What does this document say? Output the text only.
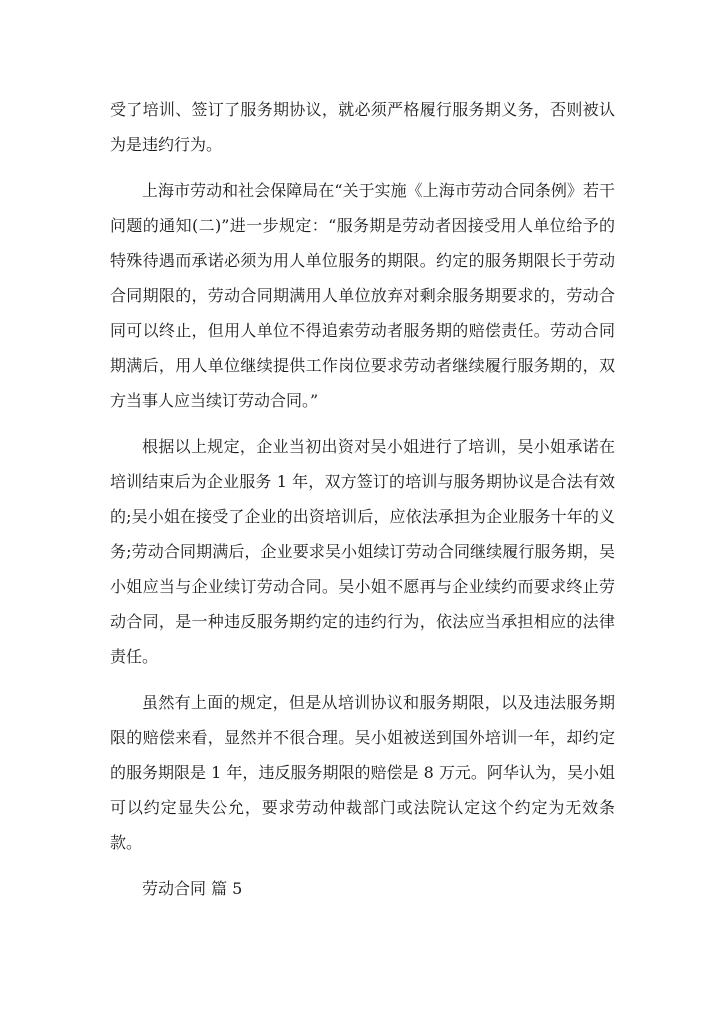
受了培训、签订了服务期协议，就必须严格履行服务期义务，否则被认为是违约行为。

上海市劳动和社会保障局在“关于实施《上海市劳动合同条例》若干问题的通知(二)”进一步规定：“服务期是劳动者因接受用人单位给予的特殊待遇而承诺必须为用人单位服务的期限。约定的服务期限长于劳动合同期限的，劳动合同期满用人单位放弃对剩余服务期要求的，劳动合同可以终止，但用人单位不得追索劳动者服务期的赔偿责任。劳动合同期满后，用人单位继续提供工作岗位要求劳动者继续履行服务期的，双方当事人应当续订劳动合同。”

根据以上规定，企业当初出资对吴小姐进行了培训，吴小姐承诺在培训结束后为企业服务 1 年，双方签订的培训与服务期协议是合法有效的;吴小姐在接受了企业的出资培训后，应依法承担为企业服务十年的义务;劳动合同期满后，企业要求吴小姐续订劳动合同继续履行服务期，吴小姐应当与企业续订劳动合同。吴小姐不愿再与企业续约而要求终止劳动合同，是一种违反服务期约定的违约行为，依法应当承担相应的法律责任。

虽然有上面的规定，但是从培训协议和服务期限，以及违法服务期限的赔偿来看，显然并不很合理。吴小姐被送到国外培训一年，却约定的服务期限是 1 年，违反服务期限的赔偿是 8 万元。阿华认为，吴小姐可以约定显失公允，要求劳动仲裁部门或法院认定这个约定为无效条款。

劳动合同 篇 5
